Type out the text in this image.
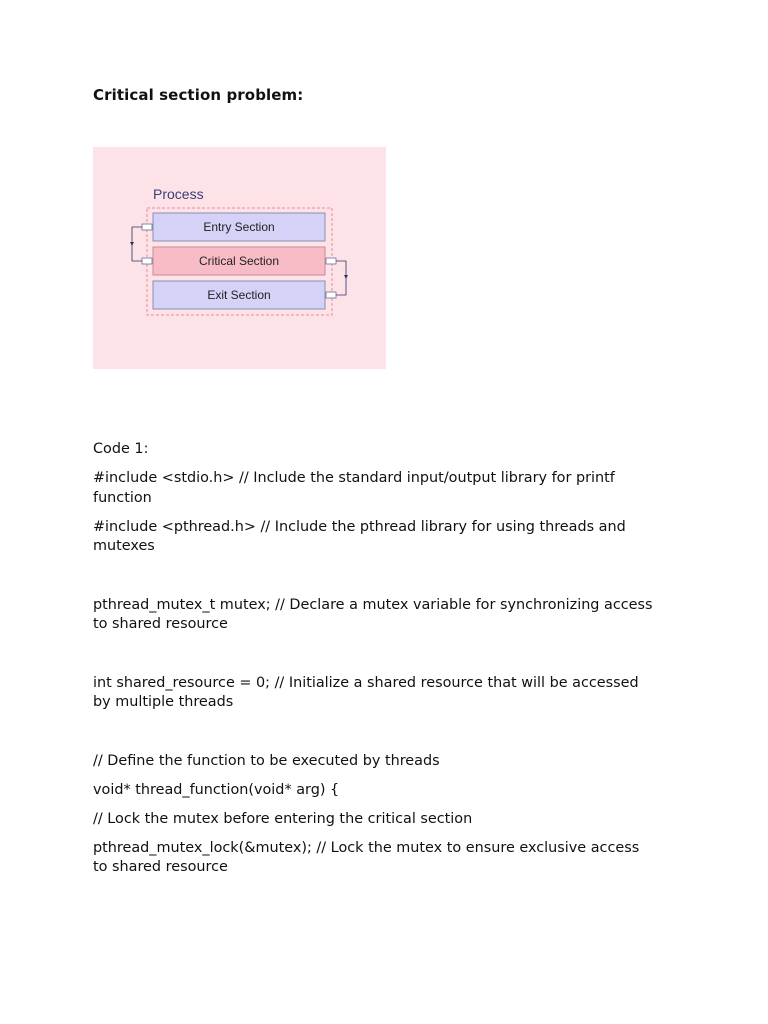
Critical section problem:
Process
Entry Section
Critical Section
Exit Section

Code 1:

#include <stdio.h> // Include the standard input/output library for printf function

#include <pthread.h> // Include the pthread library for using threads and mutexes

pthread_mutex_t mutex; // Declare a mutex variable for synchronizing access to shared resource

int shared_resource = 0; // Initialize a shared resource that will be accessed by multiple threads

// Define the function to be executed by threads

void* thread_function(void* arg) {

// Lock the mutex before entering the critical section

pthread_mutex_lock(&mutex); // Lock the mutex to ensure exclusive access to shared resource
